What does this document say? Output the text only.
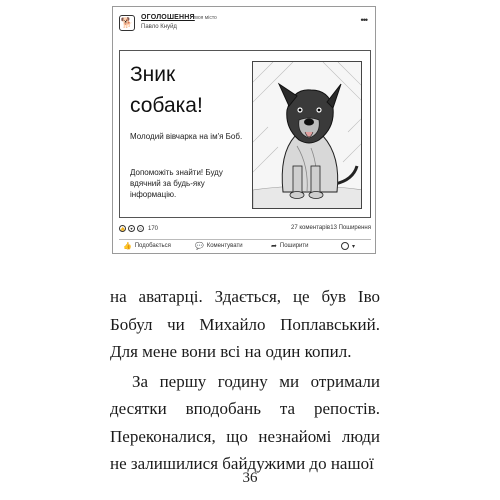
🐕 ОГОЛОШЕННЯ
твоя місто
Павло Кнуйд
•••
Зник
собака!
Молодий вівчарка на ім'я Боб.
Допоможіть знайти! Буду вдячний за будь-яку інформацію.
👍	♥	☺ 170	27 коментарів 13 Поширення
👍 Подобається	💬 Коментувати	➦ Поширити	▾

на аватарці. Здається, це був Іво Бобул чи Михайло Поплавський. Для мене вони всі на один копил.

За першу годину ми отримали десятки вподобань та репостів. Переконалися, що незнайомі люди не залишилися байдужими до нашої

36
